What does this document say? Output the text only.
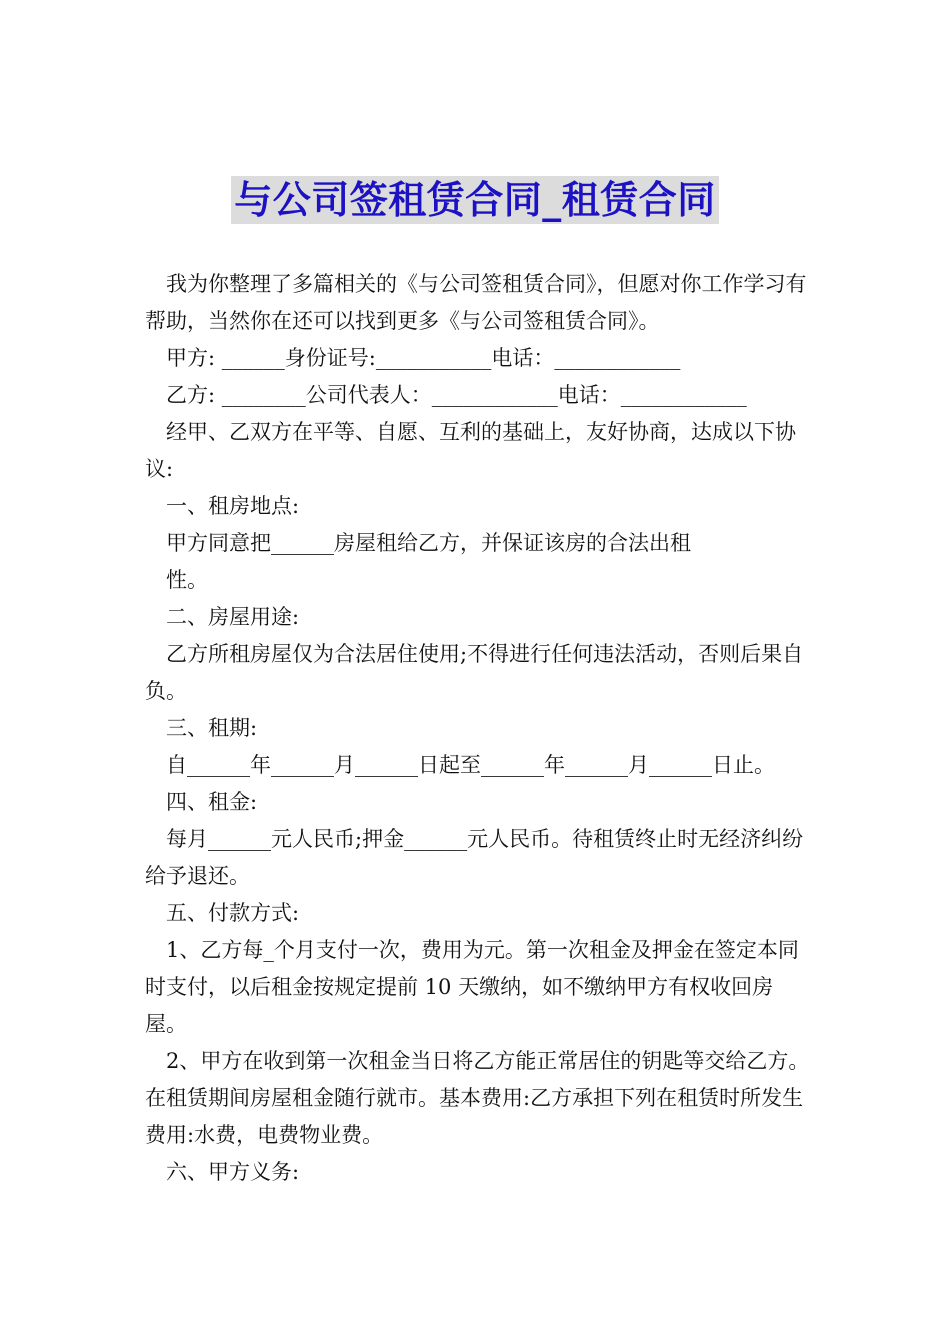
与公司签租赁合同_租赁合同

我为你整理了多篇相关的《与公司签租赁合同》，但愿对你工作学习有帮助，当然你在还可以找到更多《与公司签租赁合同》。

甲方: ______身份证号:___________电话：____________

乙方: ________公司代表人：____________电话：____________

经甲、乙双方在平等、自愿、互利的基础上，友好协商，达成以下协议:

一、租房地点:

甲方同意把______房屋租给乙方，并保证该房的合法出租

性。

二、房屋用途:

乙方所租房屋仅为合法居住使用;不得进行任何违法活动，否则后果自负。

三、租期:

自______年______月______日起至______年______月______日止。

四、租金:

每月______元人民币;押金______元人民币。待租赁终止时无经济纠纷给予退还。

五、付款方式:

1、乙方每_个月支付一次，费用为元。第一次租金及押金在签定本同时支付，以后租金按规定提前 10 天缴纳，如不缴纳甲方有权收回房屋。

2、甲方在收到第一次租金当日将乙方能正常居住的钥匙等交给乙方。在租赁期间房屋租金随行就市。基本费用:乙方承担下列在租赁时所发生费用:水费，电费物业费。

六、甲方义务:
